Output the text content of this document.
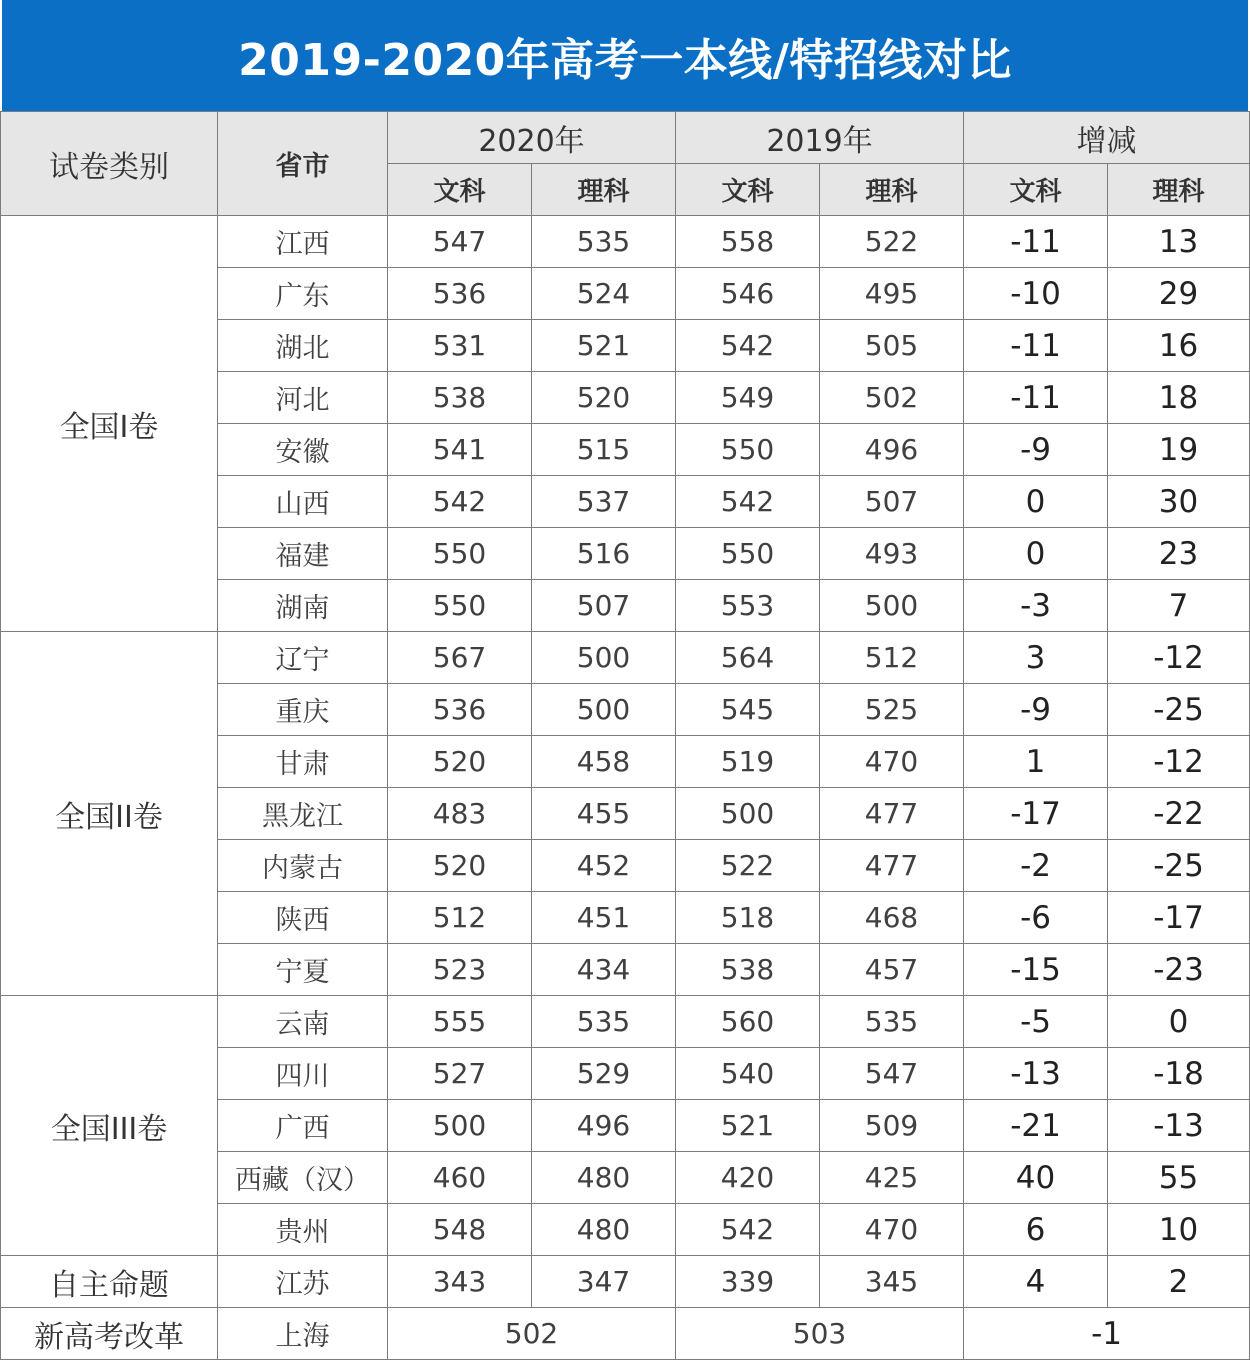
2019-2020年高考一本线/特招线对比
试卷类别	省市	2020年		2019年		增减	
		文科	理科	文科	理科	文科	理科
全国I卷	江西	547	535	558	522	-11	13
	广东	536	524	546	495	-10	29
	湖北	531	521	542	505	-11	16
	河北	538	520	549	502	-11	18
	安徽	541	515	550	496	-9	19
	山西	542	537	542	507	0	30
	福建	550	516	550	493	0	23
	湖南	550	507	553	500	-3	7
全国II卷	辽宁	567	500	564	512	3	-12
	重庆	536	500	545	525	-9	-25
	甘肃	520	458	519	470	1	-12
	黑龙江	483	455	500	477	-17	-22
	内蒙古	520	452	522	477	-2	-25
	陕西	512	451	518	468	-6	-17
	宁夏	523	434	538	457	-15	-23
全国III卷	云南	555	535	560	535	-5	0
	四川	527	529	540	547	-13	-18
	广西	500	496	521	509	-21	-13
	西藏（汉）	460	480	420	425	40	55
	贵州	548	480	542	470	6	10
自主命题	江苏	343	347	339	345	4	2
新高考改革	上海	502		503		-1	
